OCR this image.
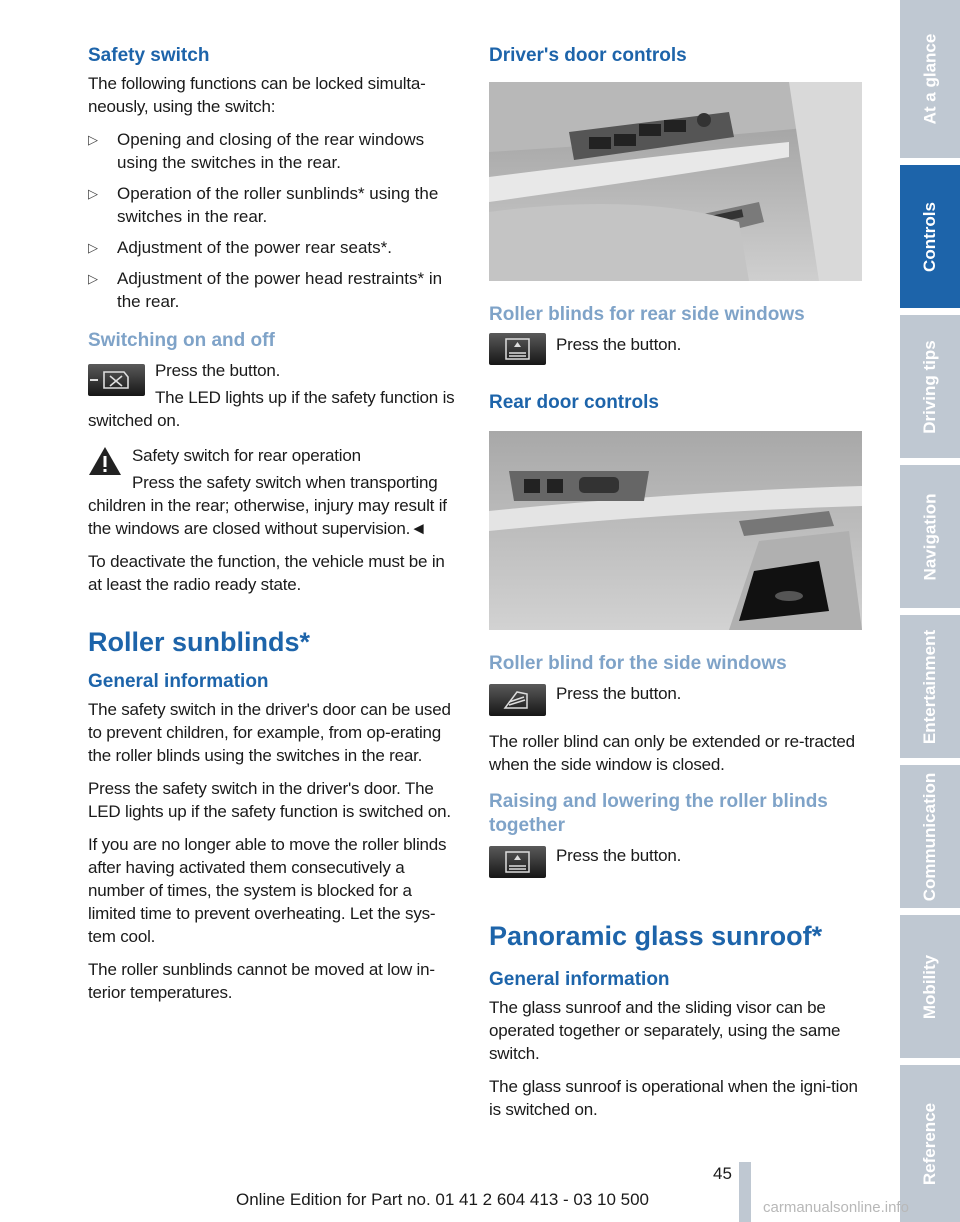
Safety switch

The following functions can be locked simulta-neously, using the switch:

▷ Opening and closing of the rear windows using the switches in the rear.
▷ Operation of the roller sunblinds* using the switches in the rear.
▷ Adjustment of the power rear seats*.
▷ Adjustment of the power head restraints* in the rear.
Switching on and off

Press the button.

The LED lights up if the safety function is switched on.

Safety switch for rear operation

Press the safety switch when transporting children in the rear; otherwise, injury may result if the windows are closed without supervision.◄

To deactivate the function, the vehicle must be in at least the radio ready state.

Roller sunblinds*
General information

The safety switch in the driver's door can be used to prevent children, for example, from op-erating the roller blinds using the switches in the rear.

Press the safety switch in the driver's door. The LED lights up if the safety function is switched on.

If you are no longer able to move the roller blinds after having activated them consecutively a number of times, the system is blocked for a limited time to prevent overheating. Let the sys-tem cool.

The roller sunblinds cannot be moved at low in-terior temperatures.

Driver's door controls
Roller blinds for rear side windows

Press the button.

Rear door controls
Roller blind for the side windows

Press the button.

The roller blind can only be extended or re-tracted when the side window is closed.

Raising and lowering the roller blinds together

Press the button.

Panoramic glass sunroof*
General information

The glass sunroof and the sliding visor can be operated together or separately, using the same switch.

The glass sunroof is operational when the igni-tion is switched on.

At a glance
Controls
Driving tips
Navigation
Entertainment
Communication
Mobility
Reference
45
Online Edition for Part no. 01 41 2 604 413 - 03 10 500	carmanualsonline.info
